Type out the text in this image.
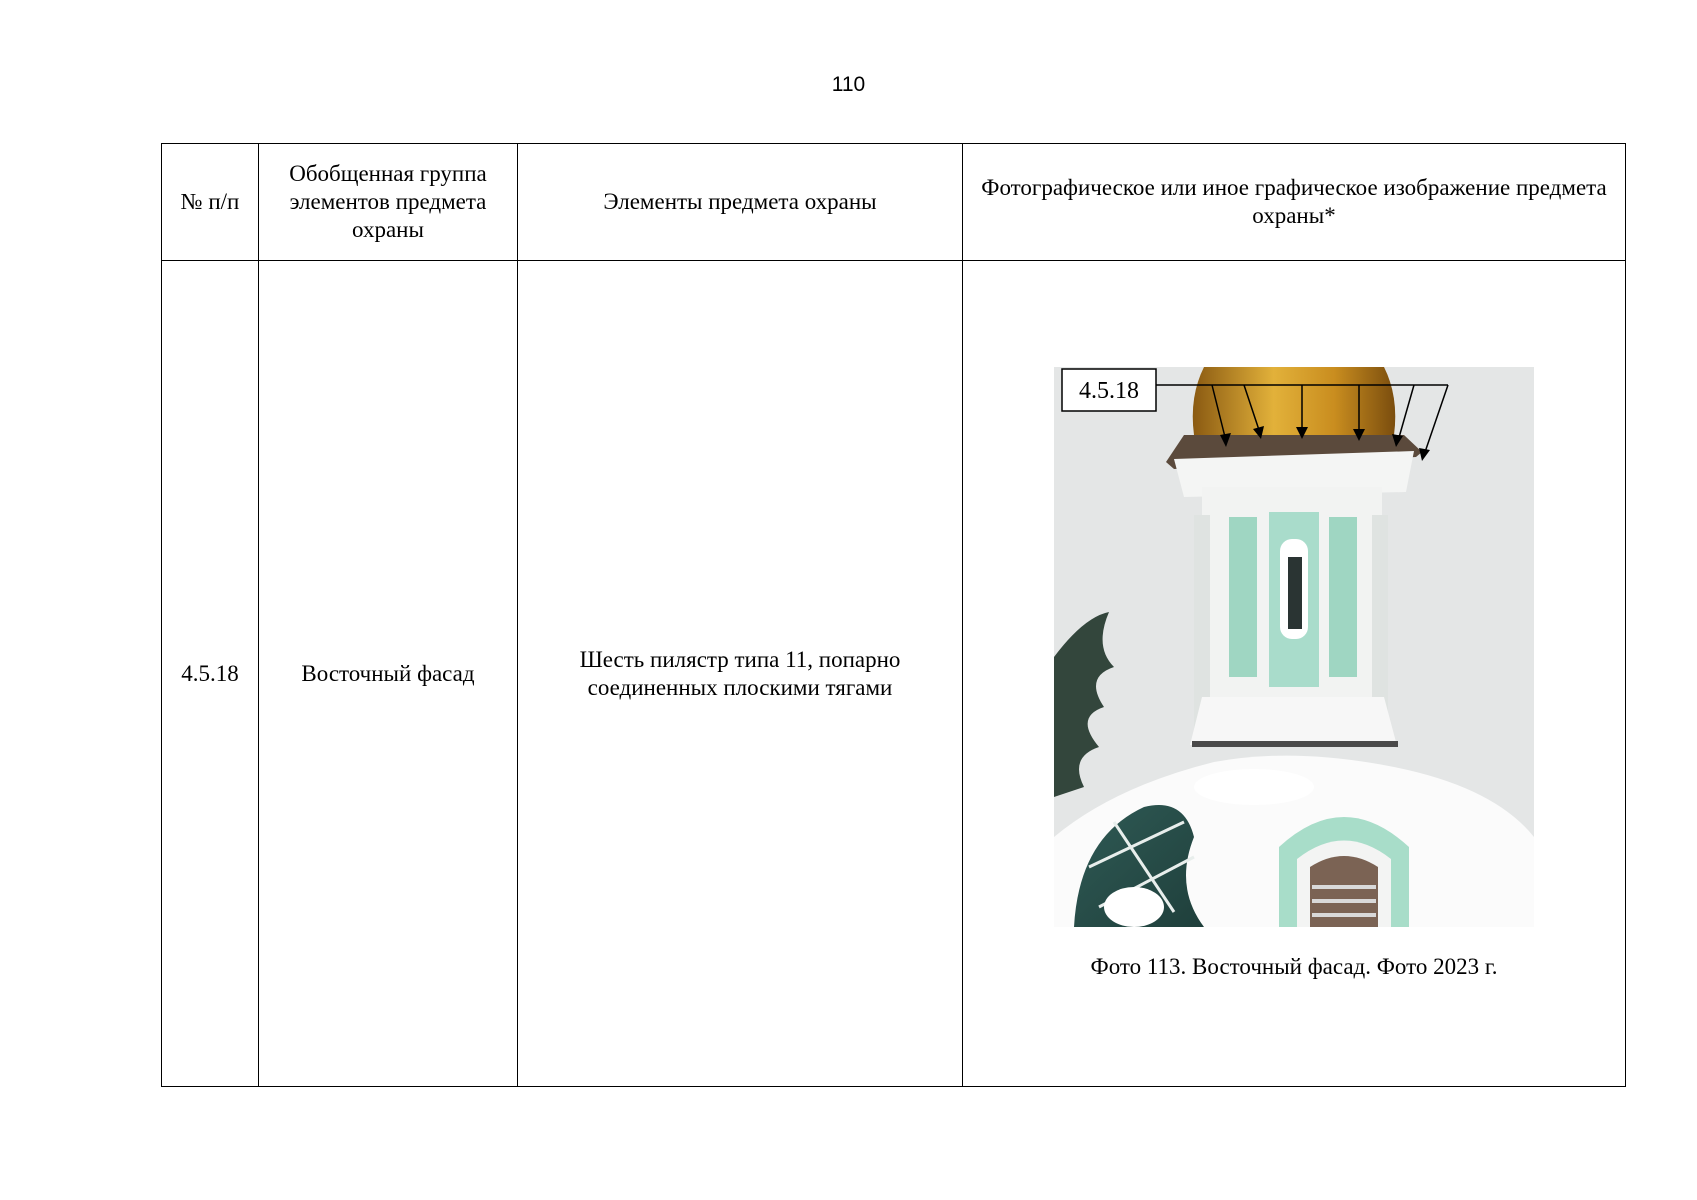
110
№ п/п	Обобщенная группа элементов предмета охраны	Элементы предмета охраны	Фотографическое или иное графическое изображение предмета охраны*
4.5.18	Восточный фасад	Шесть пилястр типа 11, попарно соединенных плоскими тягами	4.5.18
Фото 113. Восточный фасад. Фото 2023 г.
